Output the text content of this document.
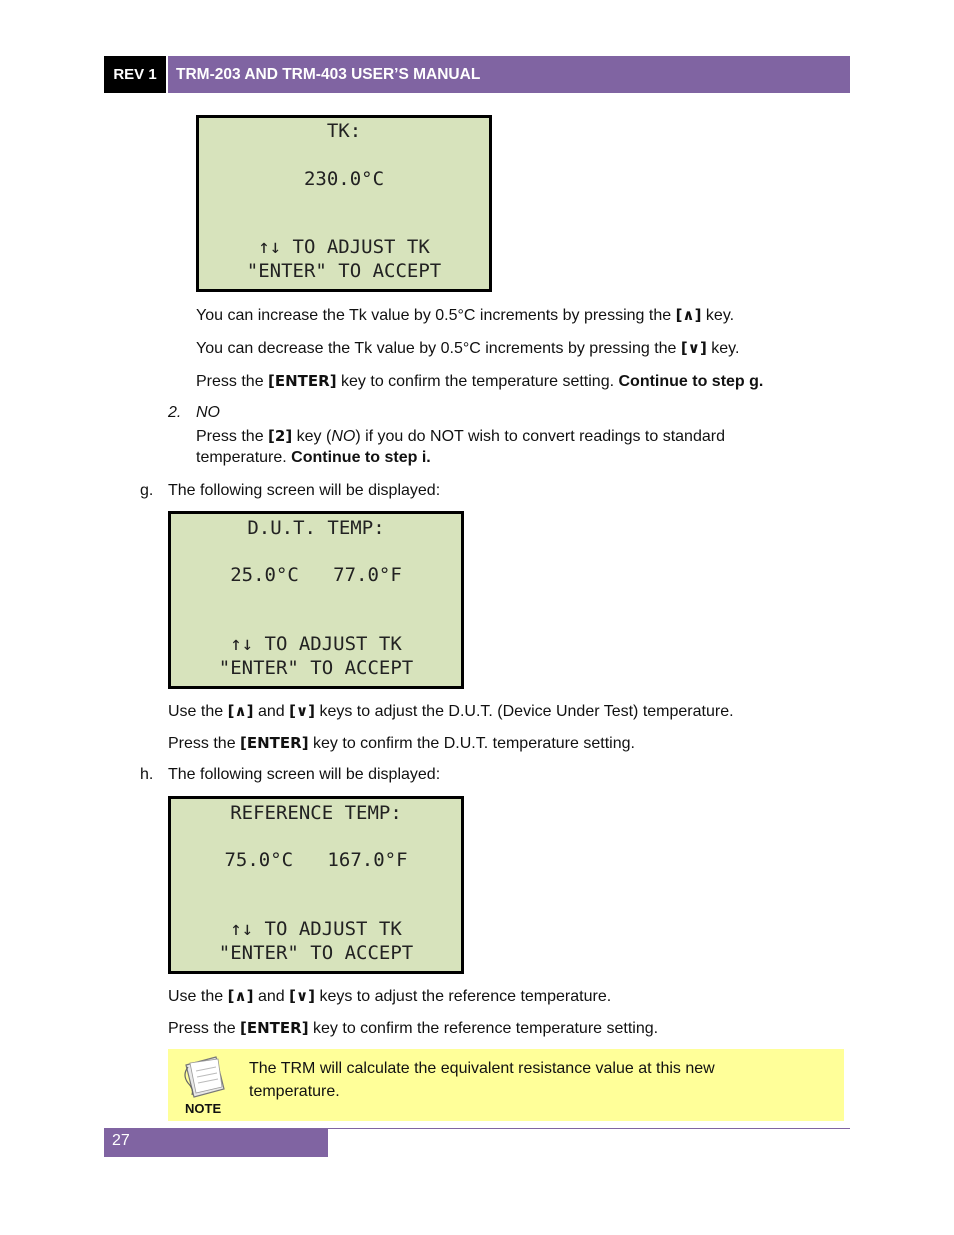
REV 1	TRM-203 AND TRM-403 USER’S MANUAL
TK:
230.0°C
↑↓ TO ADJUST TK
"ENTER" TO ACCEPT
You can increase the Tk value by 0.5°C increments by pressing the [∧] key.
You can decrease the Tk value by 0.5°C increments by pressing the [∨] key.
Press the [ENTER] key to confirm the temperature setting. Continue to step g.
2. NO
Press the [2] key (NO) if you do NOT wish to convert readings to standard
temperature. Continue to step i.
g. The following screen will be displayed:
D.U.T. TEMP:
25.0°C   77.0°F
↑↓ TO ADJUST TK
"ENTER" TO ACCEPT
Use the [∧] and [∨] keys to adjust the D.U.T. (Device Under Test) temperature.
Press the [ENTER] key to confirm the D.U.T. temperature setting.
h. The following screen will be displayed:
REFERENCE TEMP:
75.0°C   167.0°F
↑↓ TO ADJUST TK
"ENTER" TO ACCEPT
Use the [∧] and [∨] keys to adjust the reference temperature.
Press the [ENTER] key to confirm the reference temperature setting.
NOTE
The TRM will calculate the equivalent resistance value at this new
temperature.
27
